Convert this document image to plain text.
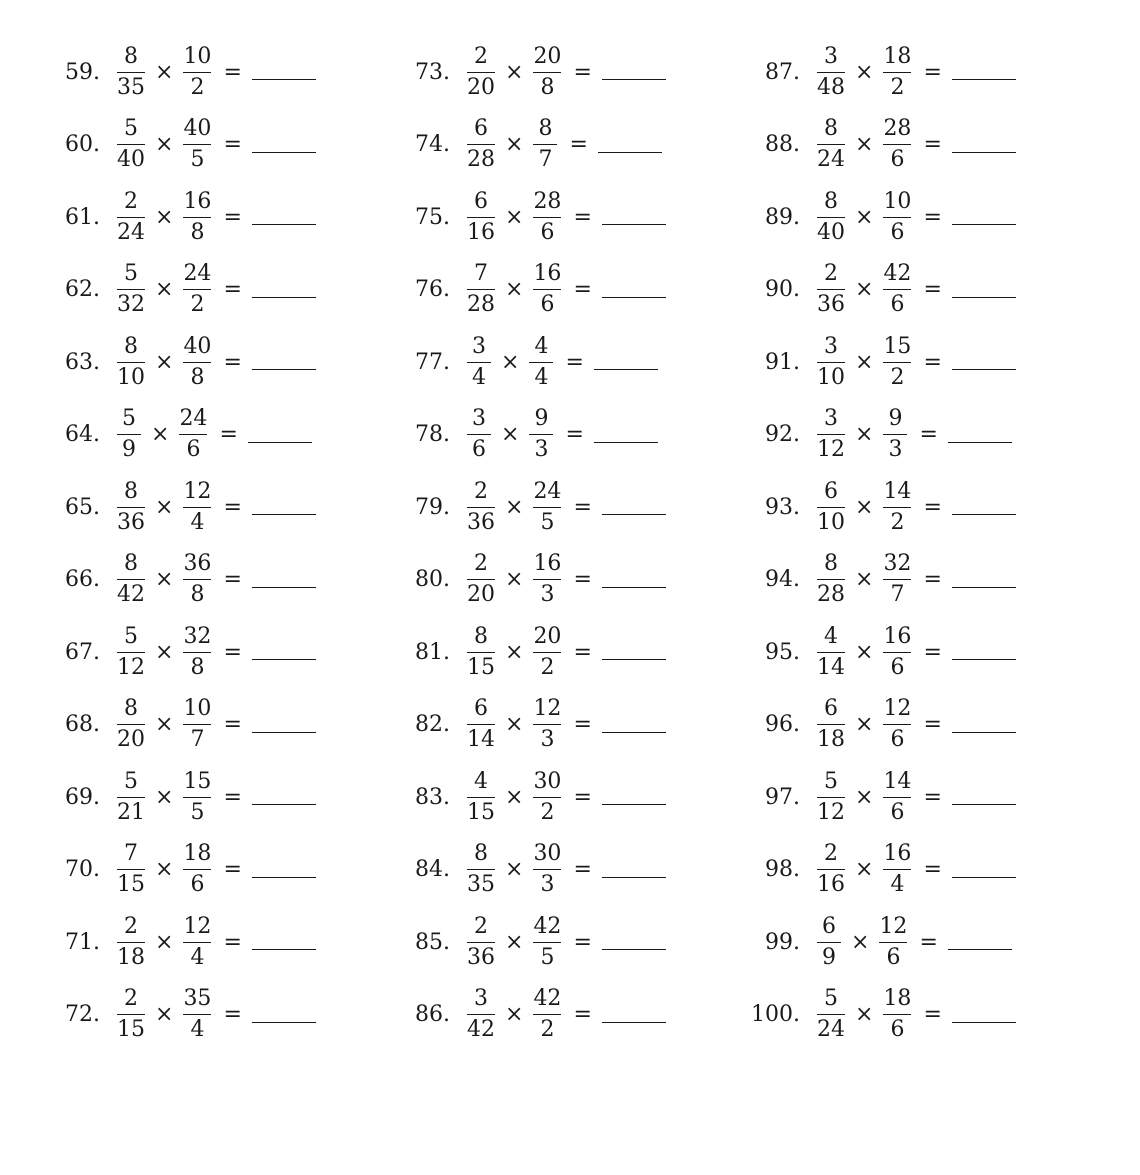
59. $\frac{8}{35} \times \frac{10}{2}$ =
60. $\frac{5}{40} \times \frac{40}{5}$ =
61. $\frac{2}{24} \times \frac{16}{8}$ =
62. $\frac{5}{32} \times \frac{24}{2}$ =
63. $\frac{8}{10} \times \frac{40}{8}$ =
64. $\frac{5}{9} \times \frac{24}{6}$ =
65. $\frac{8}{36} \times \frac{12}{4}$ =
66. $\frac{8}{42} \times \frac{36}{8}$ =
67. $\frac{5}{12} \times \frac{32}{8}$ =
68. $\frac{8}{20} \times \frac{10}{7}$ =
69. $\frac{5}{21} \times \frac{15}{5}$ =
70. $\frac{7}{15} \times \frac{18}{6}$ =
71. $\frac{2}{18} \times \frac{12}{4}$ =
72. $\frac{2}{15} \times \frac{35}{4}$ =
73. $\frac{2}{20} \times \frac{20}{8}$ =
74. $\frac{6}{28} \times \frac{8}{7}$ =
75. $\frac{6}{16} \times \frac{28}{6}$ =
76. $\frac{7}{28} \times \frac{16}{6}$ =
77. $\frac{3}{4} \times \frac{4}{4}$ =
78. $\frac{3}{6} \times \frac{9}{3}$ =
79. $\frac{2}{36} \times \frac{24}{5}$ =
80. $\frac{2}{20} \times \frac{16}{3}$ =
81. $\frac{8}{15} \times \frac{20}{2}$ =
82. $\frac{6}{14} \times \frac{12}{3}$ =
83. $\frac{4}{15} \times \frac{30}{2}$ =
84. $\frac{8}{35} \times \frac{30}{3}$ =
85. $\frac{2}{36} \times \frac{42}{5}$ =
86. $\frac{3}{42} \times \frac{42}{2}$ =
87. $\frac{3}{48} \times \frac{18}{2}$ =
88. $\frac{8}{24} \times \frac{28}{6}$ =
89. $\frac{8}{40} \times \frac{10}{6}$ =
90. $\frac{2}{36} \times \frac{42}{6}$ =
91. $\frac{3}{10} \times \frac{15}{2}$ =
92. $\frac{3}{12} \times \frac{9}{3}$ =
93. $\frac{6}{10} \times \frac{14}{2}$ =
94. $\frac{8}{28} \times \frac{32}{7}$ =
95. $\frac{4}{14} \times \frac{16}{6}$ =
96. $\frac{6}{18} \times \frac{12}{6}$ =
97. $\frac{5}{12} \times \frac{14}{6}$ =
98. $\frac{2}{16} \times \frac{16}{4}$ =
99. $\frac{6}{9} \times \frac{12}{6}$ =
100. $\frac{5}{24} \times \frac{18}{6}$ =
